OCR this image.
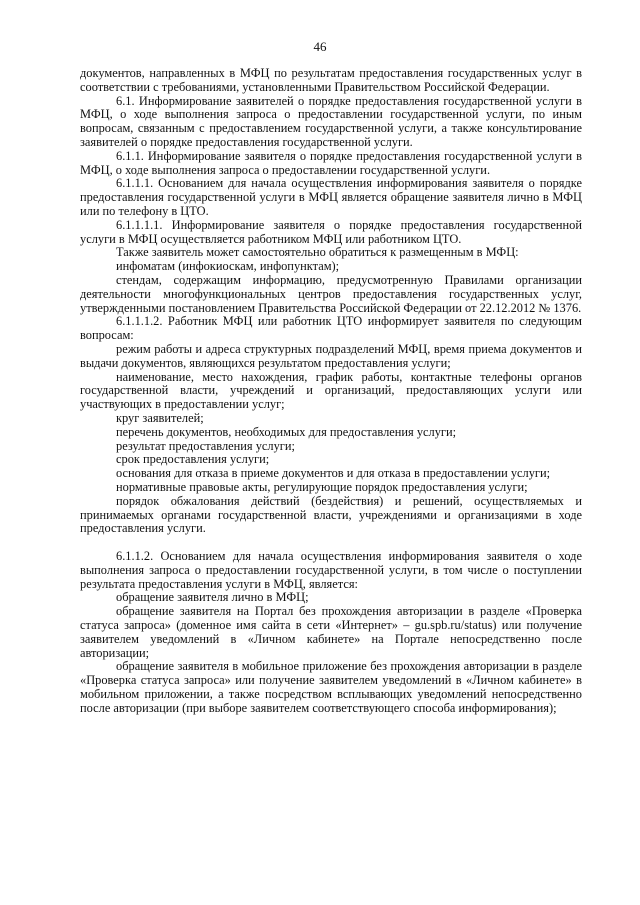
46

документов, направленных в МФЦ по результатам предоставления государственных услуг в соответствии с требованиями, установленными Правительством Российской Федерации.

6.1. Информирование заявителей о порядке предоставления государственной услуги в МФЦ, о ходе выполнения запроса о предоставлении государственной услуги, по иным вопросам, связанным с предоставлением государственной услуги, а также консультирование заявителей о порядке предоставления государственной услуги.

6.1.1. Информирование заявителя о порядке предоставления государственной услуги в МФЦ, о ходе выполнения запроса о предоставлении государственной услуги.

6.1.1.1. Основанием для начала осуществления информирования заявителя о порядке предоставления государственной услуги в МФЦ является обращение заявителя лично в МФЦ или по телефону в ЦТО.

6.1.1.1.1. Информирование заявителя о порядке предоставления государственной услуги в МФЦ осуществляется работником МФЦ или работником ЦТО.

Также заявитель может самостоятельно обратиться к размещенным в МФЦ:

инфоматам (инфокиоскам, инфопунктам);

стендам, содержащим информацию, предусмотренную Правилами организации деятельности многофункциональных центров предоставления государственных услуг, утвержденными постановлением Правительства Российской Федерации от 22.12.2012 № 1376.

6.1.1.1.2. Работник МФЦ или работник ЦТО информирует заявителя по следующим вопросам:

режим работы и адреса структурных подразделений МФЦ, время приема документов и выдачи документов, являющихся результатом предоставления услуги;

наименование, место нахождения, график работы, контактные телефоны органов государственной власти, учреждений и организаций, предоставляющих услуги или участвующих в предоставлении услуг;

круг заявителей;

перечень документов, необходимых для предоставления услуги;

результат предоставления услуги;

срок предоставления услуги;

основания для отказа в приеме документов и для отказа в предоставлении услуги;

нормативные правовые акты, регулирующие порядок предоставления услуги;

порядок обжалования действий (бездействия) и решений, осуществляемых и принимаемых органами государственной власти, учреждениями и организациями в ходе предоставления услуги.

6.1.1.2. Основанием для начала осуществления информирования заявителя о ходе выполнения запроса о предоставлении государственной услуги, в том числе о поступлении результата предоставления услуги в МФЦ, является:

обращение заявителя лично в МФЦ;

обращение заявителя на Портал без прохождения авторизации в разделе «Проверка статуса запроса» (доменное имя сайта в сети «Интернет» – gu.spb.ru/status) или получение заявителем уведомлений в «Личном кабинете» на Портале непосредственно после авторизации;

обращение заявителя в мобильное приложение без прохождения авторизации в разделе «Проверка статуса запроса» или получение заявителем уведомлений в «Личном кабинете» в мобильном приложении, а также посредством всплывающих уведомлений непосредственно после авторизации (при выборе заявителем соответствующего способа информирования);
